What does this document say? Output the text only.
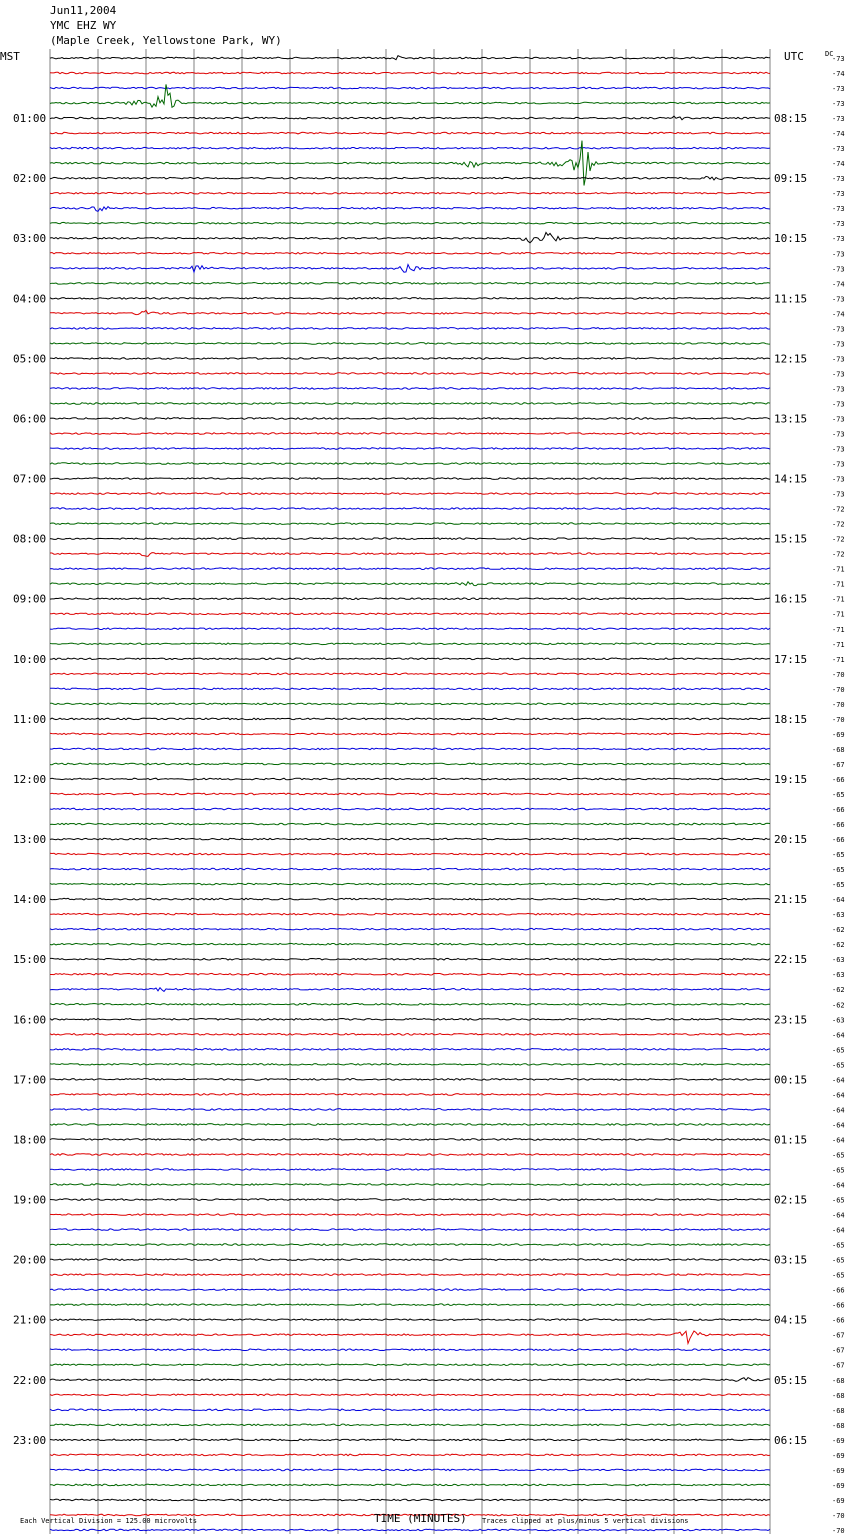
Jun11,2004
YMC EHZ WY
(Maple Creek, Yellowstone Park, WY)
-73
-74
-73
-73
-73
-74
-73
-74
-73
-73
-73
-73
-73
-73
-73
-74
-73
-74
-73
-73
-73
-73
-73
-73
-73
-73
-73
-73
-73
-73
-72
-72
-72
-72
-71
-71
-71
-71
-71
-71
-71
-70
-70
-70
-70
-69
-68
-67
-66
-65
-66
-66
-66
-65
-65
-65
-64
-63
-62
-62
-63
-63
-62
-62
-63
-64
-65
-65
-64
-64
-64
-64
-64
-65
-65
-64
-65
-64
-64
-65
-65
-65
-66
-66
-66
-67
-67
-67
-68
-68
-68
-68
-69
-69
-69
-69
-69
-70
-70
01:00
02:00
03:00
04:00
05:00
06:00
07:00
08:00
09:00
10:00
11:00
12:00
13:00
14:00
15:00
16:00
17:00
18:00
19:00
20:00
21:00
22:00
23:00
08:15
09:15
10:15
11:15
12:15
13:15
14:15
15:15
16:15
17:15
18:15
19:15
20:15
21:15
22:15
23:15
00:15
01:15
02:15
03:15
04:15
05:15
06:15
MST	UTC	DC
Each Vertical Division = 125.00 microvolts	TIME (MINUTES) Traces clipped at plus/minus 5 vertical divisions
